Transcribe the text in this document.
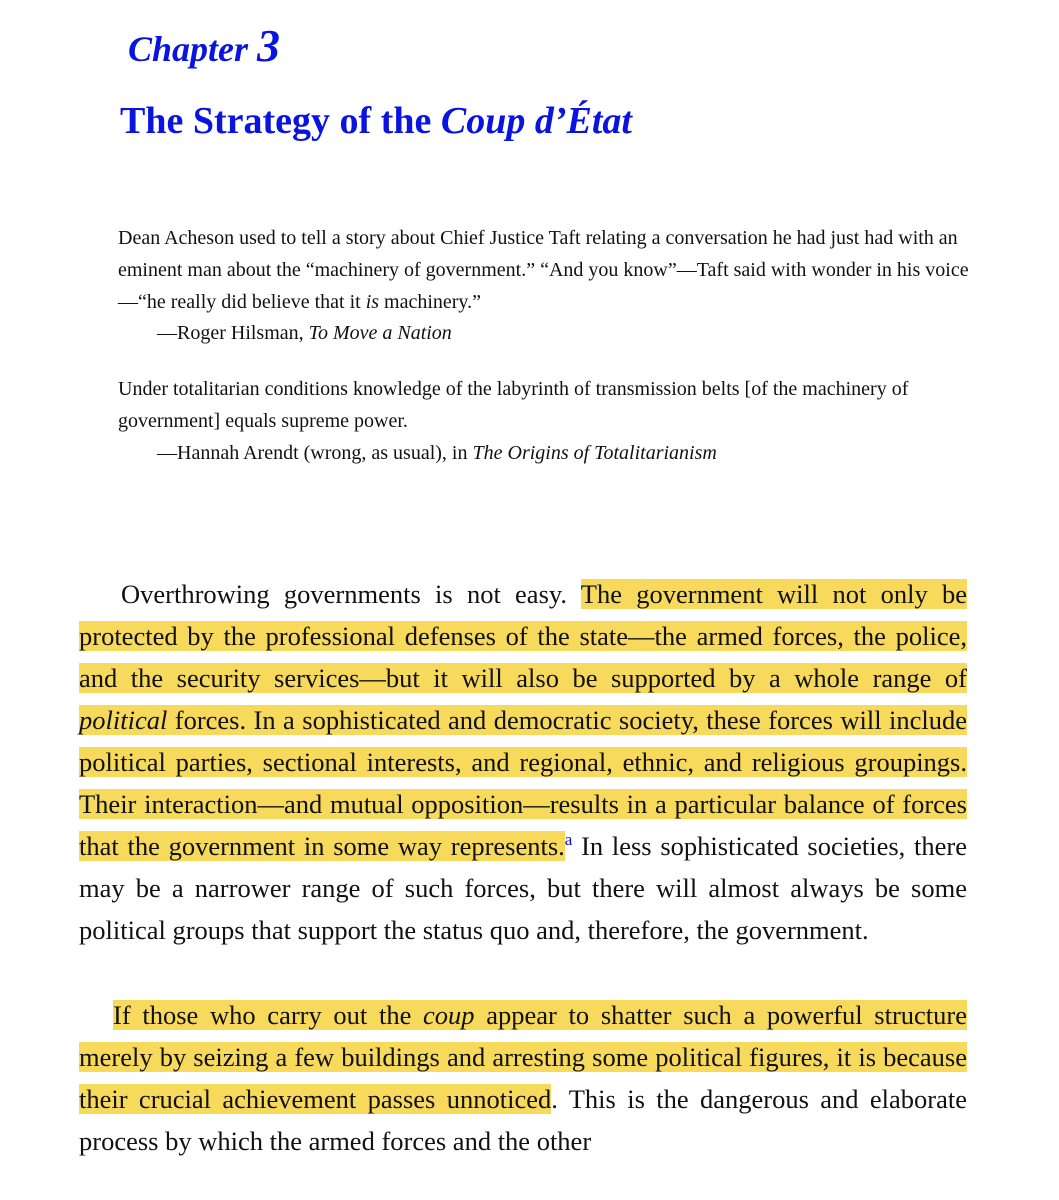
Chapter 3
The Strategy of the Coup d’État

Dean Acheson used to tell a story about Chief Justice Taft relating a conversation he had just had with an eminent man about the “machinery of government.” “And you know”—Taft said with wonder in his voice—“he really did believe that it is machinery.”

—Roger Hilsman, To Move a Nation

Under totalitarian conditions knowledge of the labyrinth of transmission belts [of the machinery of government] equals supreme power.

—Hannah Arendt (wrong, as usual), in The Origins of Totalitarianism

Overthrowing governments is not easy. The government will not only be protected by the professional defenses of the state—the armed forces, the police, and the security services—but it will also be supported by a whole range of political forces. In a sophisticated and democratic society, these forces will include political parties, sectional interests, and regional, ethnic, and religious groupings. Their interaction—and mutual opposition—results in a particular balance of forces that the government in some way represents.$^a$ In less sophisticated societies, there may be a narrower range of such forces, but there will almost always be some political groups that support the status quo and, therefore, the government.

If those who carry out the coup appear to shatter such a powerful structure merely by seizing a few buildings and arresting some political figures, it is because their crucial achievement passes unnoticed. This is the dangerous and elaborate process by which the armed forces and the other
